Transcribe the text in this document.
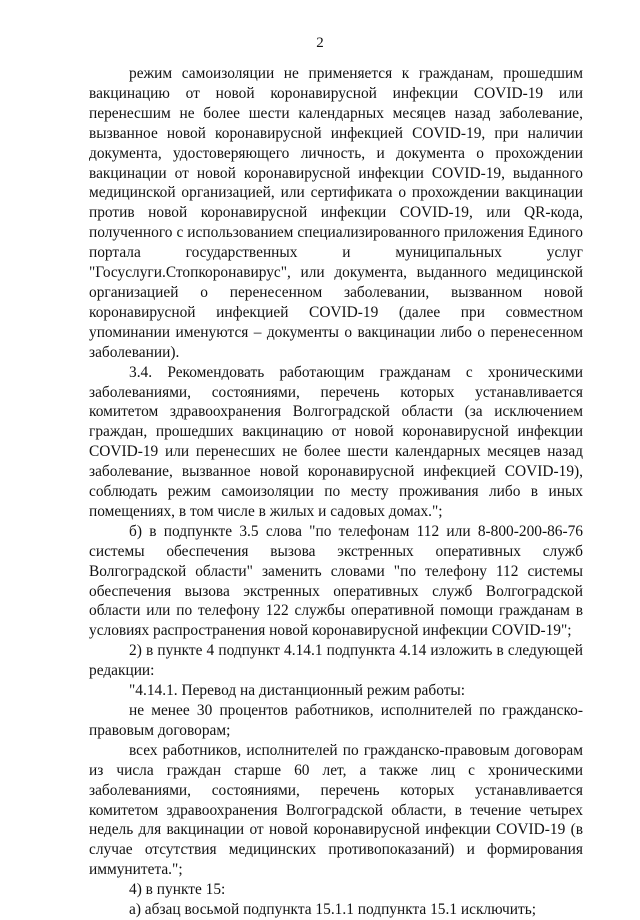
2

режим самоизоляции не применяется к гражданам, прошедшим вакцинацию от новой коронавирусной инфекции COVID-19 или перенесшим не более шести календарных месяцев назад заболевание, вызванное новой коронавирусной инфекцией COVID-19, при наличии документа, удостоверяющего личность, и документа о прохождении вакцинации от новой коронавирусной инфекции COVID-19, выданного медицинской организацией, или сертификата о прохождении вакцинации против новой коронавирусной инфекции COVID-19, или QR-кода, полученного с использованием специализированного приложения Единого портала государственных и муниципальных услуг "Госуслуги.Стопкоронавирус", или документа, выданного медицинской организацией о перенесенном заболевании, вызванном новой коронавирусной инфекцией COVID-19 (далее при совместном упоминании именуются – документы о вакцинации либо о перенесенном заболевании).

3.4. Рекомендовать работающим гражданам с хроническими заболеваниями, состояниями, перечень которых устанавливается комитетом здравоохранения Волгоградской области (за исключением граждан, прошедших вакцинацию от новой коронавирусной инфекции COVID-19 или перенесших не более шести календарных месяцев назад заболевание, вызванное новой коронавирусной инфекцией COVID-19), соблюдать режим самоизоляции по месту проживания либо в иных помещениях, в том числе в жилых и садовых домах.";

б) в подпункте 3.5 слова "по телефонам 112 или 8-800-200-86-76 системы обеспечения вызова экстренных оперативных служб Волгоградской области" заменить словами "по телефону 112 системы обеспечения вызова экстренных оперативных служб Волгоградской области или по телефону 122 службы оперативной помощи гражданам в условиях распространения новой коронавирусной инфекции COVID-19";

2) в пункте 4 подпункт 4.14.1 подпункта 4.14 изложить в следующей редакции:

"4.14.1. Перевод на дистанционный режим работы:

не менее 30 процентов работников, исполнителей по гражданско-правовым договорам;

всех работников, исполнителей по гражданско-правовым договорам из числа граждан старше 60 лет, а также лиц с хроническими заболеваниями, состояниями, перечень которых устанавливается комитетом здравоохранения Волгоградской области, в течение четырех недель для вакцинации от новой коронавирусной инфекции COVID-19 (в случае отсутствия медицинских противопоказаний) и формирования иммунитета.";

4) в пункте 15:

а) абзац восьмой подпункта 15.1.1 подпункта 15.1 исключить;
